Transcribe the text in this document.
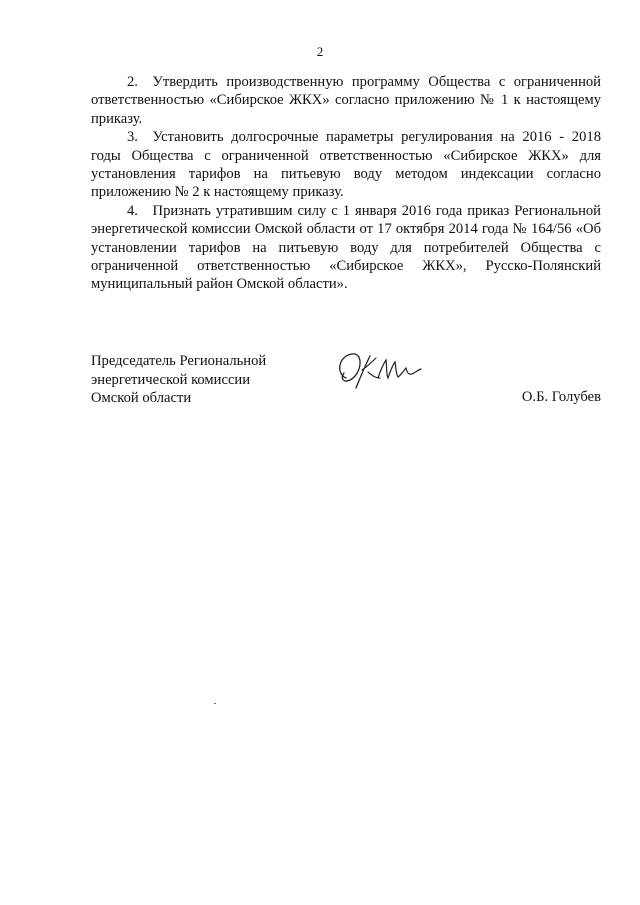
2

2. Утвердить производственную программу Общества с ограниченной ответственностью «Сибирское ЖКХ» согласно приложению № 1 к настоящему приказу.

3. Установить долгосрочные параметры регулирования на 2016 - 2018 годы Общества с ограниченной ответственностью «Сибирское ЖКХ» для установления тарифов на питьевую воду методом индексации согласно приложению № 2 к настоящему приказу.

4. Признать утратившим силу с 1 января 2016 года приказ Региональной энергетической комиссии Омской области от 17 октября 2014 года № 164/56 «Об установлении тарифов на питьевую воду для потребителей Общества с ограниченной ответственностью «Сибирское ЖКХ», Русско-Полянский муниципальный район Омской области».

Председатель Региональной
энергетической комиссии
Омской области	О.Б. Голубев
